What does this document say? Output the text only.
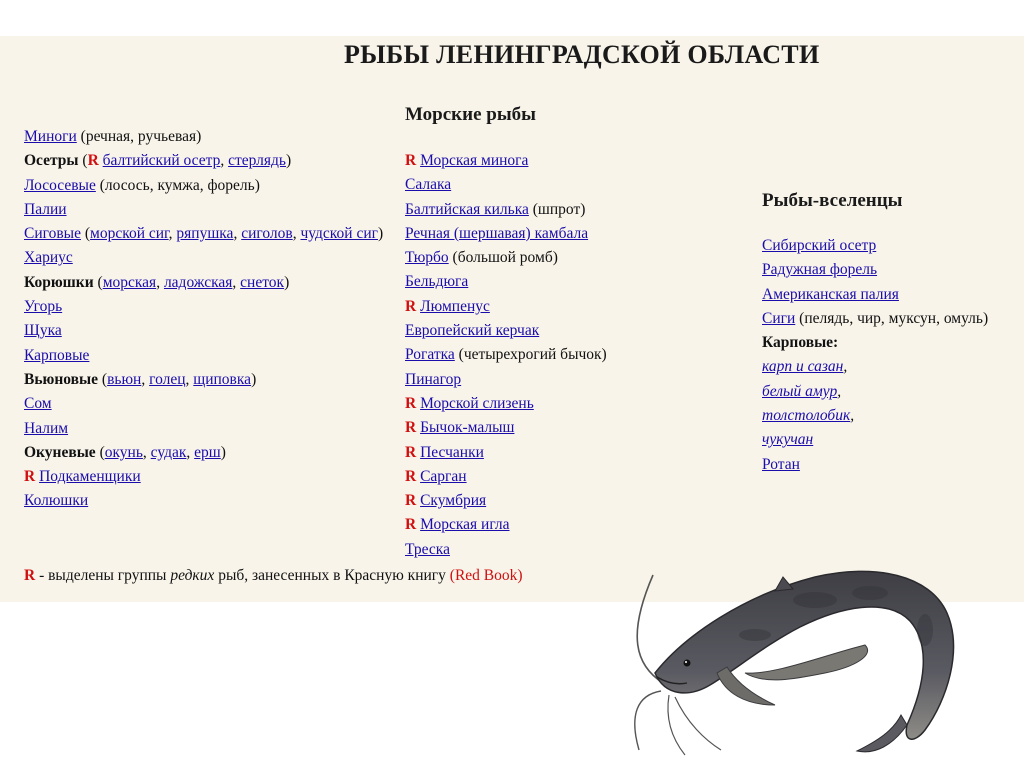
РЫБЫ ЛЕНИНГРАДСКОЙ ОБЛАСТИ
Морские рыбы
Рыбы-вселенцы
Миноги (речная, ручьевая)
Осетры (R балтийский осетр, стерлядь)
Лососевые (лосось, кумжа, форель)
Палии
Сиговые (морской сиг, ряпушка, сиголов, чудской сиг)
Хариус
Корюшки (морская, ладожская, снеток)
Угорь
Щука
Карповые
Вьюновые (вьюн, голец, щиповка)
Сом
Налим
Окуневые (окунь, судак, ерш)
R Подкаменщики
Колюшки
R Морская минога
Салака
Балтийская килька (шпрот)
Речная (шершавая) камбала
Тюрбо (большой ромб)
Бельдюга
R Люмпенус
Европейский керчак
Рогатка (четырехрогий бычок)
Пинагор
R Морской слизень
R Бычок-малыш
R Песчанки
R Сарган
R Скумбрия
R Морская игла
Треска
Сибирский осетр
Радужная форель
Американская палия
Сиги (пелядь, чир, муксун, омуль)
Карповые:
карп и сазан,
белый амур,
толстолобик,
чукучан
Ротан
R - выделены группы редких рыб, занесенных в Красную книгу (Red Book)
